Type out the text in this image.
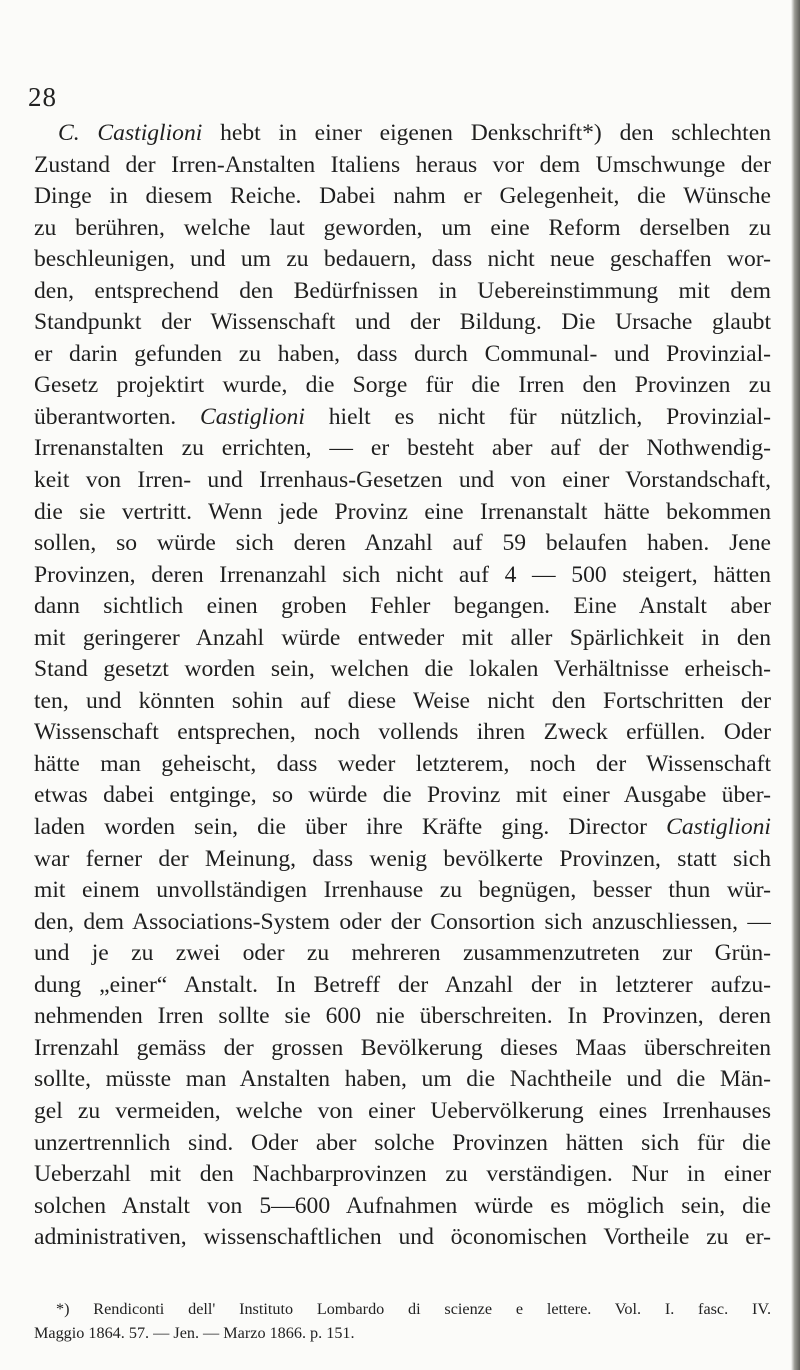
28
C. Castiglioni hebt in einer eigenen Denkschrift*) den schlechten
Zustand der Irren-Anstalten Italiens heraus vor dem Umschwunge der
Dinge in diesem Reiche. Dabei nahm er Gelegenheit, die Wünsche
zu berühren, welche laut geworden, um eine Reform derselben zu
beschleunigen, und um zu bedauern, dass nicht neue geschaffen wor-
den, entsprechend den Bedürfnissen in Uebereinstimmung mit dem
Standpunkt der Wissenschaft und der Bildung. Die Ursache glaubt
er darin gefunden zu haben, dass durch Communal- und Provinzial-
Gesetz projektirt wurde, die Sorge für die Irren den Provinzen zu
überantworten. Castiglioni hielt es nicht für nützlich, Provinzial-
Irrenanstalten zu errichten, — er besteht aber auf der Nothwendig-
keit von Irren- und Irrenhaus-Gesetzen und von einer Vorstandschaft,
die sie vertritt. Wenn jede Provinz eine Irrenanstalt hätte bekommen
sollen, so würde sich deren Anzahl auf 59 belaufen haben. Jene
Provinzen, deren Irrenanzahl sich nicht auf 4 — 500 steigert, hätten
dann sichtlich einen groben Fehler begangen. Eine Anstalt aber
mit geringerer Anzahl würde entweder mit aller Spärlichkeit in den
Stand gesetzt worden sein, welchen die lokalen Verhältnisse erheisch-
ten, und könnten sohin auf diese Weise nicht den Fortschritten der
Wissenschaft entsprechen, noch vollends ihren Zweck erfüllen. Oder
hätte man geheischt, dass weder letzterem, noch der Wissenschaft
etwas dabei entginge, so würde die Provinz mit einer Ausgabe über-
laden worden sein, die über ihre Kräfte ging. Director Castiglioni
war ferner der Meinung, dass wenig bevölkerte Provinzen, statt sich
mit einem unvollständigen Irrenhause zu begnügen, besser thun wür-
den, dem Associations-System oder der Consortion sich anzuschliessen, —
und je zu zwei oder zu mehreren zusammenzutreten zur Grün-
dung „einer“ Anstalt. In Betreff der Anzahl der in letzterer aufzu-
nehmenden Irren sollte sie 600 nie überschreiten. In Provinzen, deren
Irrenzahl gemäss der grossen Bevölkerung dieses Maas überschreiten
sollte, müsste man Anstalten haben, um die Nachtheile und die Män-
gel zu vermeiden, welche von einer Uebervölkerung eines Irrenhauses
unzertrennlich sind. Oder aber solche Provinzen hätten sich für die
Ueberzahl mit den Nachbarprovinzen zu verständigen. Nur in einer
solchen Anstalt von 5—600 Aufnahmen würde es möglich sein, die
administrativen, wissenschaftlichen und öconomischen Vortheile zu er-
*) Rendiconti dell' Instituto Lombardo di scienze e lettere. Vol. I. fasc. IV.
Maggio 1864. 57. — Jen. — Marzo 1866. p. 151.
